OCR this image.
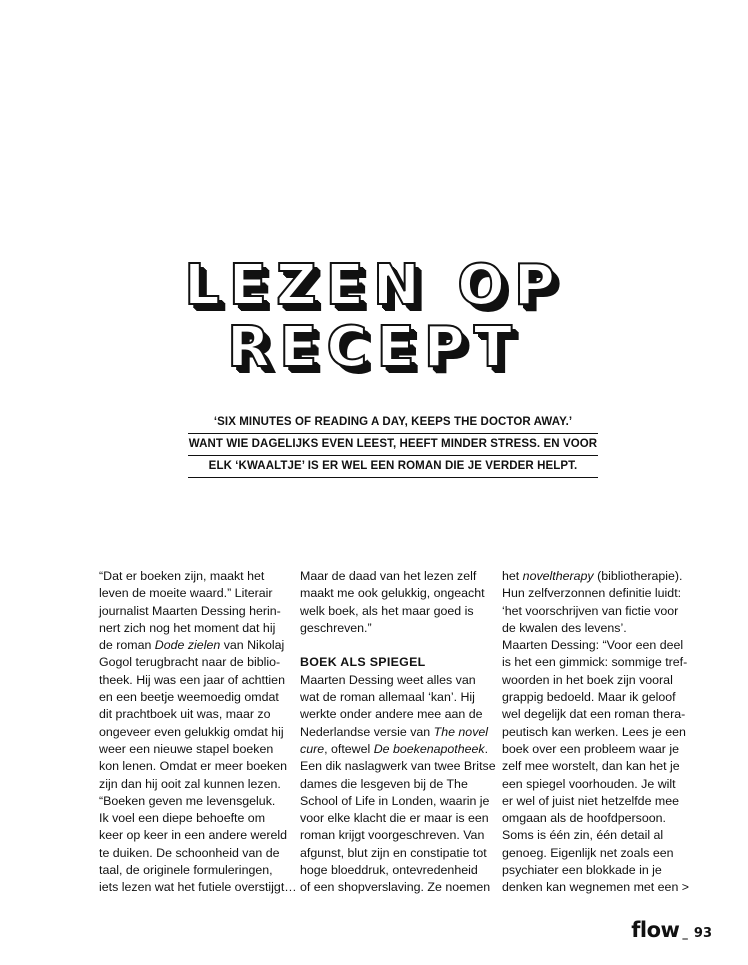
LEZEN OP
RECEPT
‘SIX MINUTES OF READING A DAY, KEEPS THE DOCTOR AWAY.’
WANT WIE DAGELIJKS EVEN LEEST, HEEFT MINDER STRESS. EN VOOR
ELK ‘KWAALTJE’ IS ER WEL EEN ROMAN DIE JE VERDER HELPT.
“Dat er boeken zijn, maakt het
leven de moeite waard.” Literair
journalist Maarten Dessing herin-
nert zich nog het moment dat hij
de roman Dode zielen van Nikolaj
Gogol terugbracht naar de biblio-
theek. Hij was een jaar of achttien
en een beetje weemoedig omdat
dit prachtboek uit was, maar zo
ongeveer even gelukkig omdat hij
weer een nieuwe stapel boeken
kon lenen. Omdat er meer boeken
zijn dan hij ooit zal kunnen lezen.
“Boeken geven me levensgeluk.
Ik voel een diepe behoefte om
keer op keer in een andere wereld
te duiken. De schoonheid van de
taal, de originele formuleringen,
iets lezen wat het futiele overstijgt…
Maar de daad van het lezen zelf
maakt me ook gelukkig, ongeacht
welk boek, als het maar goed is
geschreven.”
BOEK ALS SPIEGEL
Maarten Dessing weet alles van
wat de roman allemaal ‘kan’. Hij
werkte onder andere mee aan de
Nederlandse versie van The novel
cure, oftewel De boekenapotheek.
Een dik naslagwerk van twee Britse
dames die lesgeven bij de The
School of Life in Londen, waarin je
voor elke klacht die er maar is een
roman krijgt voorgeschreven. Van
afgunst, blut zijn en constipatie tot
hoge bloeddruk, ontevredenheid
of een shopverslaving. Ze noemen
het noveltherapy (bibliotherapie).
Hun zelfverzonnen definitie luidt:
‘het voorschrijven van fictie voor
de kwalen des levens’.
Maarten Dessing: “Voor een deel
is het een gimmick: sommige tref-
woorden in het boek zijn vooral
grappig bedoeld. Maar ik geloof
wel degelijk dat een roman thera-
peutisch kan werken. Lees je een
boek over een probleem waar je
zelf mee worstelt, dan kan het je
een spiegel voorhouden. Je wilt
er wel of juist niet hetzelfde mee
omgaan als de hoofdpersoon.
Soms is één zin, één detail al
genoeg. Eigenlijk net zoals een
psychiater een blokkade in je
denken kan wegnemen met een >
flow _ 93
